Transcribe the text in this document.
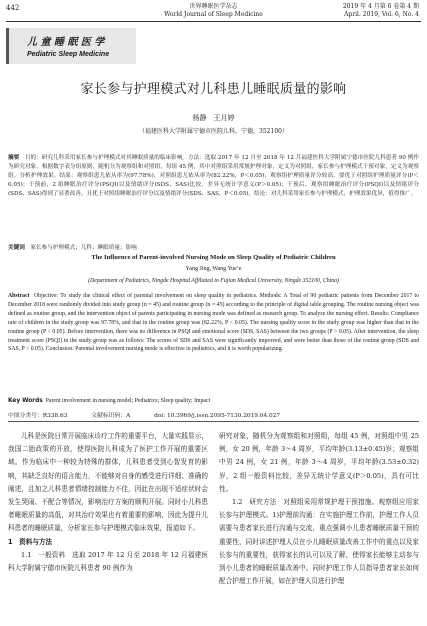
442	世界睡眠医学杂志
World Journal of Sleep Medicine
2019 年 4 月第 6 卷第 4 期
April. 2019, Vol. 6, No. 4
儿 童 睡 眠 医 学
Pediatric Sleep Medicine
家长参与护理模式对儿科患儿睡眠质量的影响
杨静　王月婷
（福建医科大学附属宁德市医院儿科，宁德，352100）
摘要　 目的：研究儿科采用家长参与护理模式对其睡眠质量的临床影响。方法：选取 2017 年 12 月至 2018 年 12 月福建医科大学附属宁德市医院儿科患者 90 例作为研究对象，根据数字表分组原则，随机分为观察组和对照组，每组 45 例，其中对照组采用常规护理对象，定义为对照组，家长参与护理模式干预对象，定义为观察组。分析护理效果。结果：观察组患儿依从率为(97.78%)，对照组患儿依从率为(82.22%，P＜0.05)；观察组护理质量评分较高，要优于对照组护理质量评分(P＜0.05)；干预前，2 组睡眠治疗评分(PSQI)以及情绪评分(SDS、SAS)比较，差异无统计学意义(P＞0.05)；干预后，观察组睡眠治疗评分(PSQI)以及情绪评分(SDS、SAS)得到了显著改善，且优于对照组睡眠治疗评分以及情绪评分(SDS、SAS，P＜0.05)。结论：对儿科采用家长参与护理模式，护理效果优异，值得推广。
关键词　 家长参与护理模式；儿科；睡眠质量；影响
The Influence of Parent-involved Nursing Mode on Sleep Quality of Pediatric Children
Yang Jing, Wang Yue’e
(Department of Pediatrics, Ningde Hospital Affiliated to Fujian Medical University, Ningde 352100, China)
Abstract Objective: To study the clinical effect of parental involvement on sleep quality in pediatrics. Methods: A Total of 90 pediatric patients from December 2017 to December 2018 were randomly divided into study group (n = 45) and routine group (n = 45) according to the principle of digital table grouping. The routine nursing object was defined as routine group, and the intervention object of parents participating in nursing mode was defined as research group. To analyze the nursing effect. Results: Compliance rate of children in the study group was 97.78%, and that in the routine group was (82.22%, P < 0.05). The nursing quality score in the study group was higher than that in the routine group (P < 0.05). Before intervention, there was no difference in PSQI and emotional score (SDS, SAS) between the two groups (P > 0.05). After intervention, the sleep treatment score (PSQI) in the study group was as follows: The scores of SDS and SAS were significantly improved, and were better than those of the routine group (SDS and SAS, P < 0.05). Conclusion: Parental involvement nursing mode is effective in pediatrics, and it is worth popularizing.
Key Words Parent involvement in nursing model; Pediatrics; Sleep quality; Impact
中图分类号：R338.63	文献标识码：A	doi: 10.3969/j.issn.2095-7130.2019.04.027

儿科是医院日常开展临床诊疗工作的重要平台，大量实践显示，我国二胎政策的开放，使得医院儿科成为了医护工作开展的重要区域。作为临床中一种较为特殊的群体，儿科患者受到心智发育的影响，其缺乏良好的语言能力，不能够对自身的感受进行详细、准确的阐述，且加之儿科患者情绪控制能力不佳，因此在出现不适症状时会发生哭闹、不配合等情况，影响治疗方案的顺利开展。同时小儿科患者睡眠质量的高低，对其治疗效果也有着重要的影响，因此为提升儿科患者的睡眠质量，分析家长参与护理模式临床效果，报道如下。

1　资料与方法

1.1　一般资料　选取 2017 年 12 月至 2018 年 12 月福建医科大学附属宁德市医院儿科患者 90 例作为

研究对象，随机分为观察组和对照组，每组 45 例，对照组中男 25 例，女 20 例，年龄 3～4 周岁，平均年龄(3.13±0.45)岁；观察组中男 24 例，女 21 例，年龄 3～4 周岁，平均年龄(3.53±0.32)岁，2 组一般资料比较，差异无统计学意义(P＞0.05)，具有可比性。

1.2　研究方法　对照组采用常规护理干预措施。观察组应用家长参与护理模式。1)护理前沟通：在实施护理工作前，护理工作人员需要与患者家长进行沟通与交流，重点强调小儿患者睡眠质量干预的重要性，同时讲述护理人员在小儿睡眠质量改善工作中的重点以及家长参与的重要性，获得家长的认可以及了解，使得家长能够主动参与到小儿患者的睡眠质量改善中。同时护理工作人员指导患者家长如何配合护理工作开展，如在护理人员进行护理
